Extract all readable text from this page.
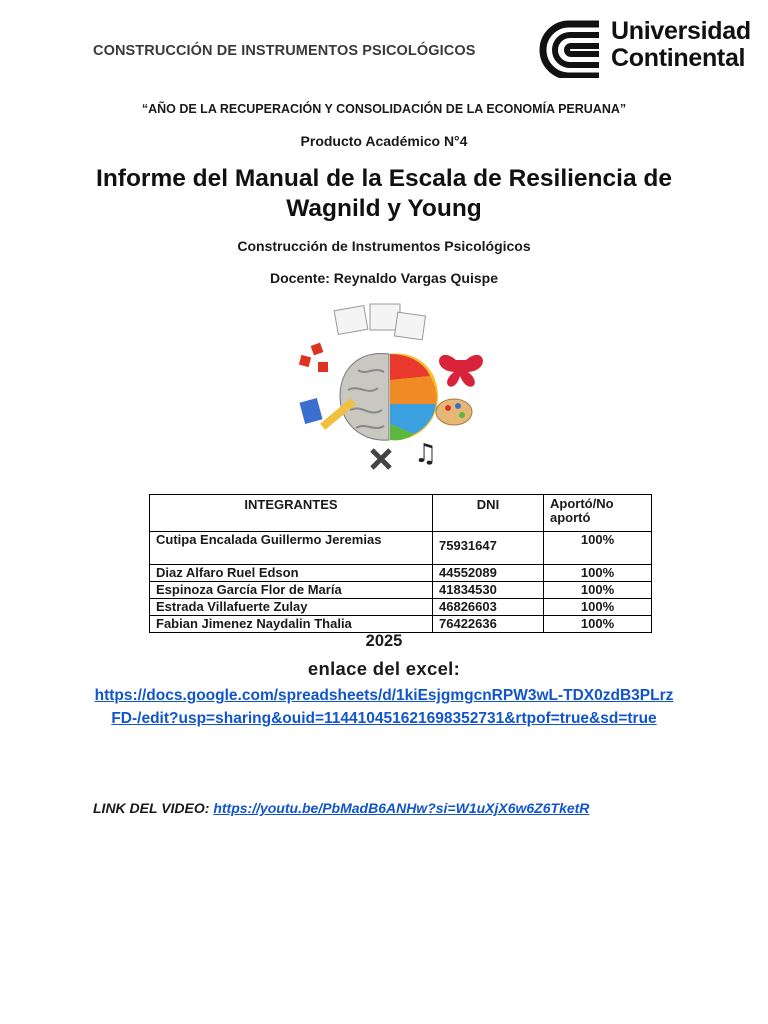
CONSTRUCCIÓN DE INSTRUMENTOS PSICOLÓGICOS
Universidad
Continental
“AÑO DE LA RECUPERACIÓN Y CONSOLIDACIÓN DE LA ECONOMÍA PERUANA”
Producto Académico N°4
Informe del Manual de la Escala de Resiliencia de Wagnild y Young
Construcción de Instrumentos Psicológicos
Docente: Reynaldo Vargas Quispe
♫
INTEGRANTES	DNI	Aportó/No aportó
Cutipa Encalada Guillermo Jeremias	75931647	100%
Diaz Alfaro Ruel Edson	44552089	100%
Espinoza García Flor de María	41834530	100%
Estrada Villafuerte Zulay	46826603	100%
Fabian Jimenez Naydalin Thalia	76422636	100%
2025
enlace del excel:
https://docs.google.com/spreadsheets/d/1kiEsjgmgcnRPW3wL-TDX0zdB3PLrzFD-/edit?usp=sharing&ouid=114410451621698352731&rtpof=true&sd=true
LINK DEL VIDEO: https://youtu.be/PbMadB6ANHw?si=W1uXjX6w6Z6TketR
